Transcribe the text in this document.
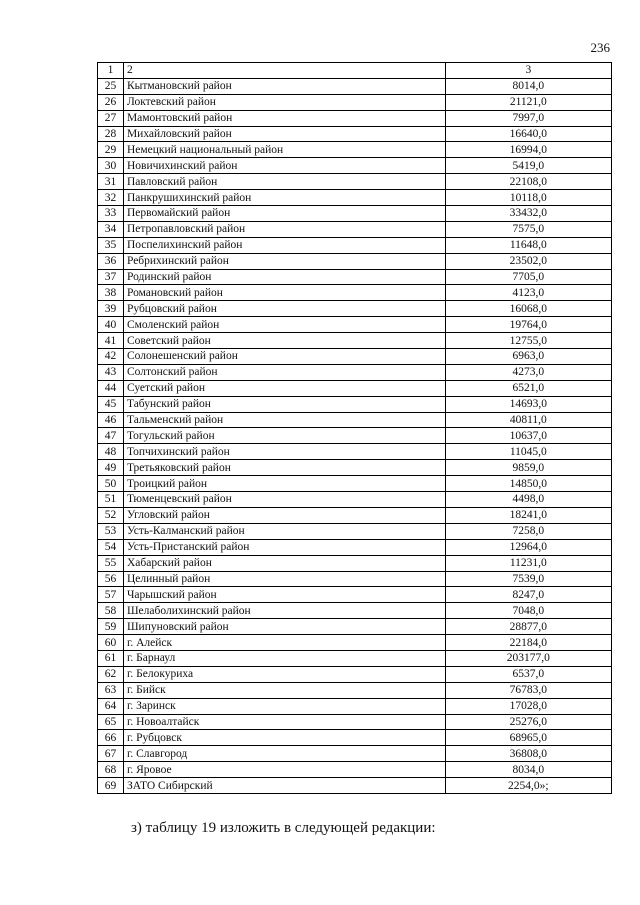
236
1	2	3
25	Кытмановский район	8014,0
26	Локтевский район	21121,0
27	Мамонтовский район	7997,0
28	Михайловский район	16640,0
29	Немецкий национальный район	16994,0
30	Новичихинский район	5419,0
31	Павловский район	22108,0
32	Панкрушихинский район	10118,0
33	Первомайский район	33432,0
34	Петропавловский район	7575,0
35	Поспелихинский район	11648,0
36	Ребрихинский район	23502,0
37	Родинский район	7705,0
38	Романовский район	4123,0
39	Рубцовский район	16068,0
40	Смоленский район	19764,0
41	Советский район	12755,0
42	Солонешенский район	6963,0
43	Солтонский район	4273,0
44	Суетский район	6521,0
45	Табунский район	14693,0
46	Тальменский район	40811,0
47	Тогульский район	10637,0
48	Топчихинский район	11045,0
49	Третьяковский район	9859,0
50	Троицкий район	14850,0
51	Тюменцевский район	4498,0
52	Угловский район	18241,0
53	Усть-Калманский район	7258,0
54	Усть-Пристанский район	12964,0
55	Хабарский район	11231,0
56	Целинный район	7539,0
57	Чарышский район	8247,0
58	Шелаболихинский район	7048,0
59	Шипуновский район	28877,0
60	г. Алейск	22184,0
61	г. Барнаул	203177,0
62	г. Белокуриха	6537,0
63	г. Бийск	76783,0
64	г. Заринск	17028,0
65	г. Новоалтайск	25276,0
66	г. Рубцовск	68965,0
67	г. Славгород	36808,0
68	г. Яровое	8034,0
69	ЗАТО Сибирский	2254,0»;
з) таблицу 19 изложить в следующей редакции:
